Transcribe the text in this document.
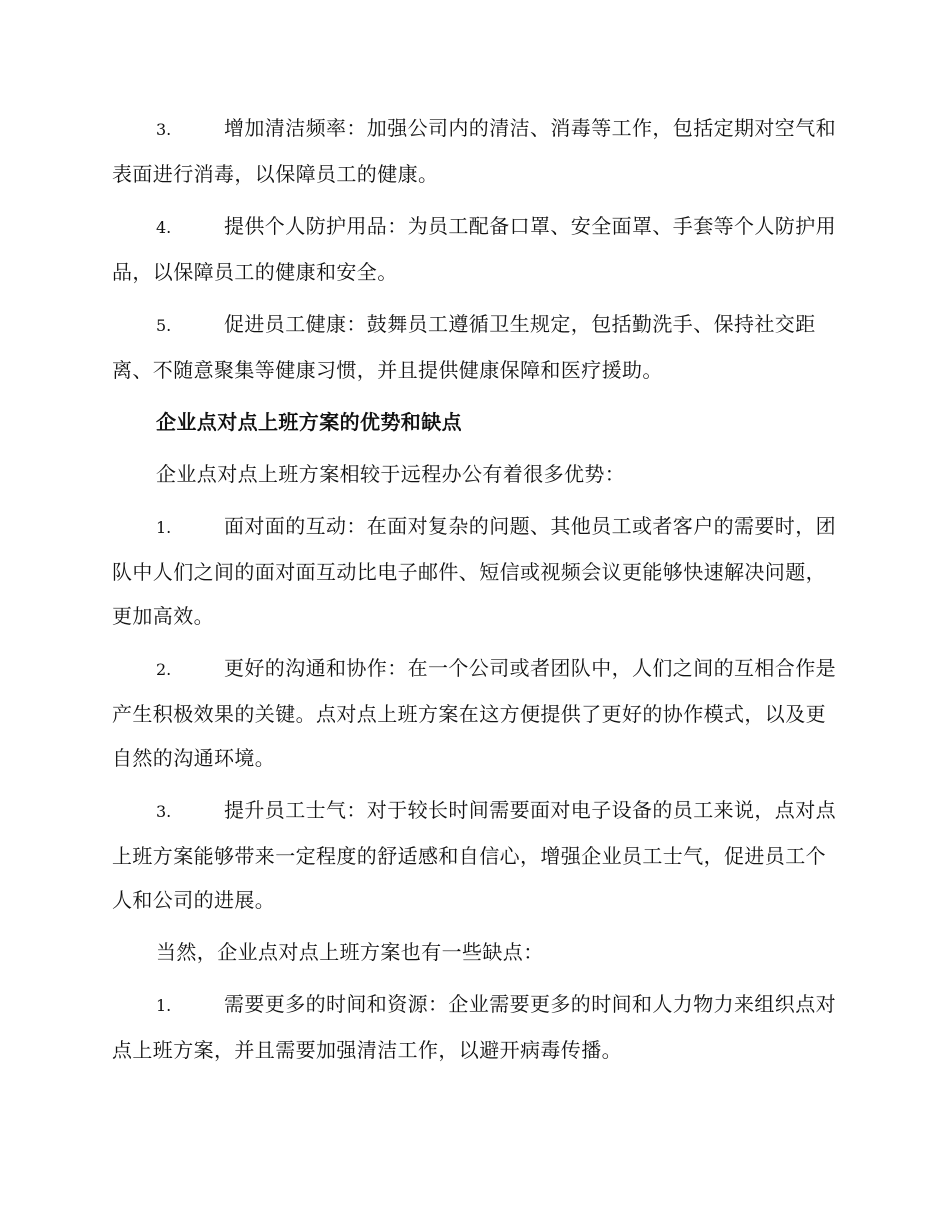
3.	增加清洁频率：加强公司内的清洁、消毒等工作，包括定期对空气和表面进行消毒，以保障员工的健康。

4.	提供个人防护用品：为员工配备口罩、安全面罩、手套等个人防护用品，以保障员工的健康和安全。

5.	促进员工健康：鼓舞员工遵循卫生规定，包括勤洗手、保持社交距离、不随意聚集等健康习惯，并且提供健康保障和医疗援助。

企业点对点上班方案的优势和缺点

企业点对点上班方案相较于远程办公有着很多优势：

1.	面对面的互动：在面对复杂的问题、其他员工或者客户的需要时，团队中人们之间的面对面互动比电子邮件、短信或视频会议更能够快速解决问题，更加高效。

2.	更好的沟通和协作：在一个公司或者团队中，人们之间的互相合作是产生积极效果的关键。点对点上班方案在这方便提供了更好的协作模式，以及更自然的沟通环境。

3.	提升员工士气：对于较长时间需要面对电子设备的员工来说，点对点上班方案能够带来一定程度的舒适感和自信心，增强企业员工士气，促进员工个人和公司的进展。

当然，企业点对点上班方案也有一些缺点：

1.	需要更多的时间和资源：企业需要更多的时间和人力物力来组织点对点上班方案，并且需要加强清洁工作，以避开病毒传播。
